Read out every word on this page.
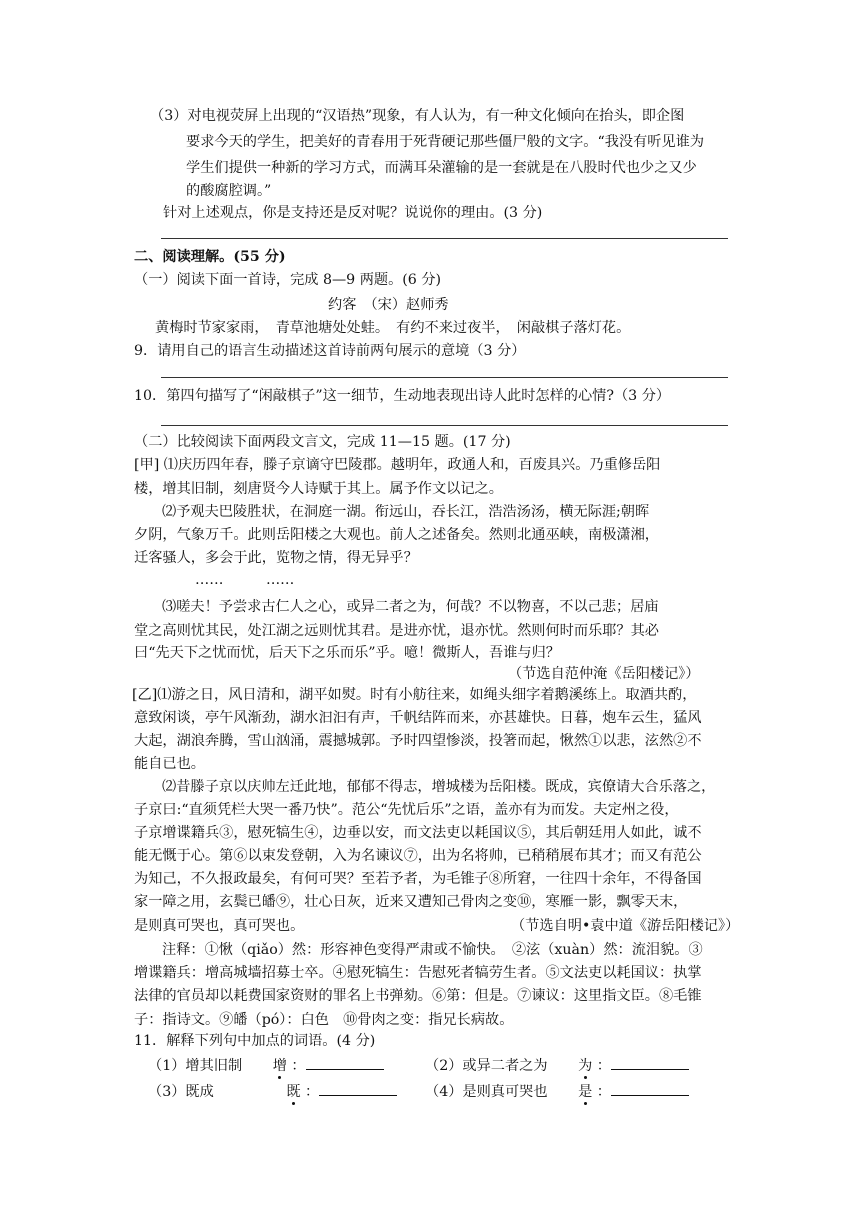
（3）对电视荧屏上出现的“汉语热”现象，有人认为，有一种文化倾向在抬头，即企图
要求今天的学生，把美好的青春用于死背硬记那些僵尸般的文字。“我没有听见谁为
学生们提供一种新的学习方式，而满耳朵灌输的是一套就是在八股时代也少之又少
的酸腐腔调。”
针对上述观点，你是支持还是反对呢？说说你的理由。(3 分)
二、阅读理解。(55 分)
（一）阅读下面一首诗，完成 8—9 两题。(6 分)
约客　（宋）赵师秀
黄梅时节家家雨，　青草池塘处处蛙。　有约不来过夜半，　闲敲棋子落灯花。
9．请用自己的语言生动描述这首诗前两句展示的意境（3 分）
10．第四句描写了“闲敲棋子”这一细节，生动地表现出诗人此时怎样的心情?（3 分）
（二）比较阅读下面两段文言文，完成 11—15 题。(17 分)
[甲] ⑴庆历四年春，滕子京谪守巴陵郡。越明年，政通人和，百废具兴。乃重修岳阳
楼，增其旧制，刻唐贤今人诗赋于其上。属予作文以记之。
⑵予观夫巴陵胜状，在洞庭一湖。衔远山，吞长江，浩浩汤汤，横无际涯;朝晖
夕阴，气象万千。此则岳阳楼之大观也。前人之述备矣。然则北通巫峡，南极潇湘，
迁客骚人，多会于此，览物之情，得无异乎？
……　　　……
⑶嗟夫！予尝求古仁人之心，或异二者之为，何哉？不以物喜，不以己悲；居庙
堂之高则忧其民，处江湖之远则忧其君。是进亦忧，退亦忧。然则何时而乐耶？其必
曰“先天下之忧而忧，后天下之乐而乐”乎。噫！微斯人，吾谁与归？
（节选自范仲淹《岳阳楼记》）
[乙]⑴游之日，风日清和，湖平如熨。时有小舫往来，如绳头细字着鹅溪练上。取酒共酌，
意致闲谈，亭午风渐劲，湖水汩汩有声，千帆结阵而来，亦甚雄快。日暮，炮车云生，猛风
大起，湖浪奔腾，雪山汹涌，震撼城郭。予时四望惨淡，投箸而起，愀然①以悲，泫然②不
能自已也。
⑵昔滕子京以庆帅左迁此地，郁郁不得志，增城楼为岳阳楼。既成，宾僚请大合乐落之，
子京曰:“直须凭栏大哭一番乃快”。范公“先忧后乐”之语，盖亦有为而发。夫定州之役，
子京增谍籍兵③，慰死犒生④，边垂以安，而文法吏以耗国议⑤，其后朝廷用人如此，诚不
能无慨于心。第⑥以束发登朝，入为名谏议⑦，出为名将帅，已稍稍展布其才；而又有范公
为知己，不久报政最矣，有何可哭？至若予者，为毛锥子⑧所窘，一往四十余年，不得备国
家一障之用，玄鬓已皤⑨，壮心日灰，近来又遭知己骨肉之变⑩，寒雁一影，飘零天末，
是则真可哭也，真可哭也。	（节选自明•袁中道《游岳阳楼记》）
注释：①愀（qiǎo）然：形容神色变得严肃或不愉快。　②泫（xuàn）然：流泪貌。③
增谍籍兵：增高城墙招募士卒。④慰死犒生：告慰死者犒劳生者。⑤文法吏以耗国议：执掌
法律的官员却以耗费国家资财的罪名上书弹劾。⑥第：但是。⑦谏议：这里指文臣。⑧毛锥
子：指诗文。⑨皤（pó）：白色　⑩骨肉之变：指兄长病故。
11．解释下列句中加点的词语。(4 分)
（1）增其旧制 增 ：	（2）或异二者之为 为 ：
（3）既成	既 ：	（4）是则真可哭也 是 ：
